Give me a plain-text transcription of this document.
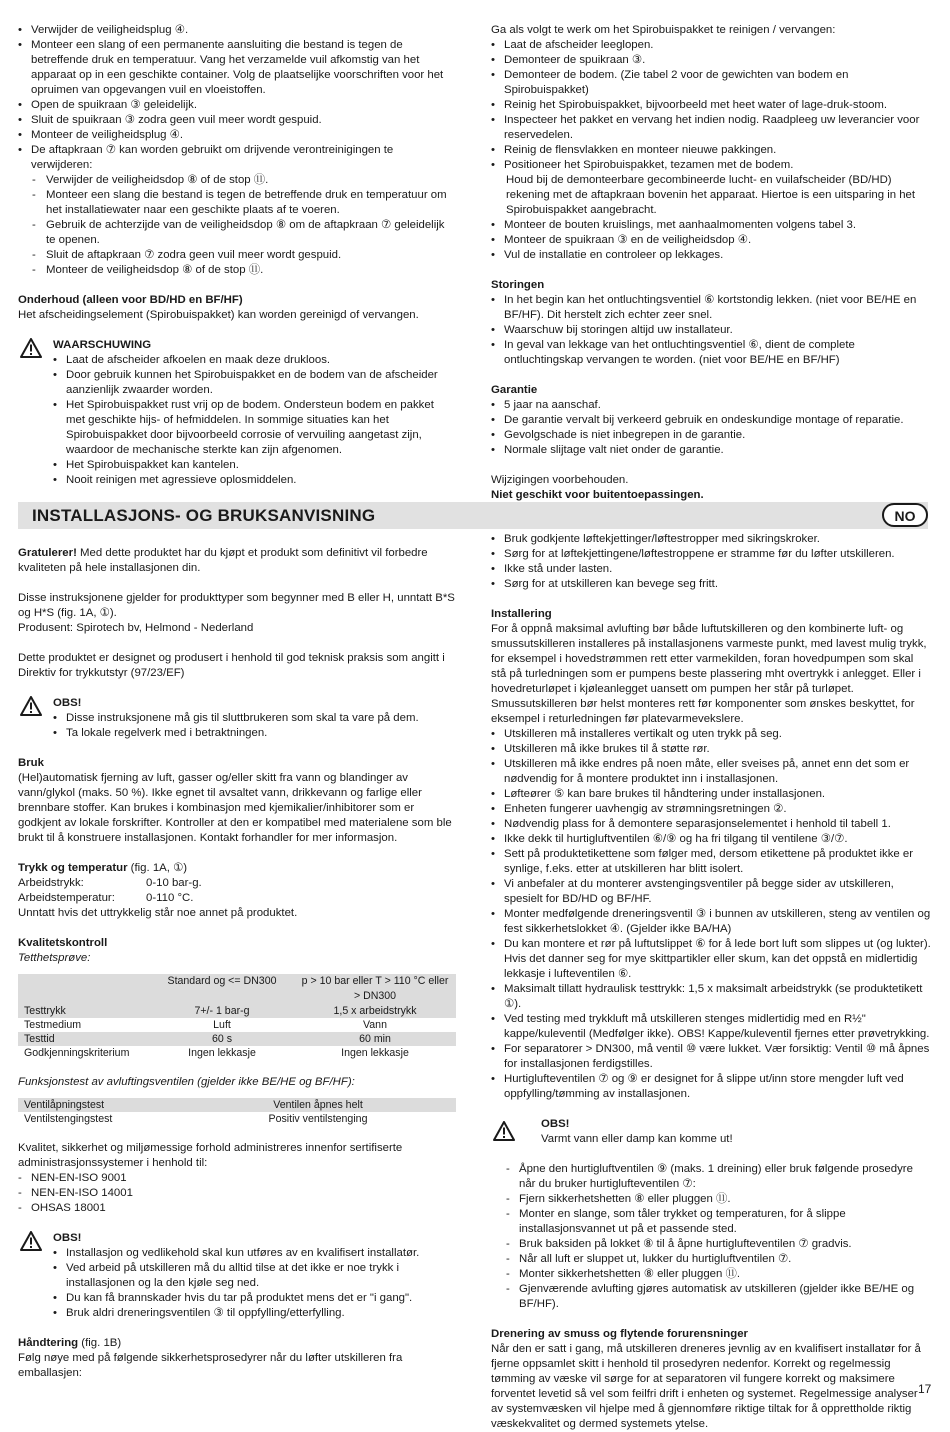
• Verwijder de veiligheidsplug ④.
• Monteer een slang of een permanente aansluiting die bestand is tegen de betreffende druk en temperatuur. Vang het verzamelde vuil afkomstig van het apparaat op in een geschikte container. Volg de plaatselijke voorschriften voor het opruimen van opgevangen vuil en vloeistoffen.
• Open de spuikraan ③ geleidelijk.
• Sluit de spuikraan ③ zodra geen vuil meer wordt gespuid.
• Monteer de veiligheidsplug ④.
• De aftapkraan ⑦ kan worden gebruikt om drijvende verontreinigingen te verwijderen:
- Verwijder de veiligheidsdop ⑧ of de stop ⑪.
- Monteer een slang die bestand is tegen de betreffende druk en temperatuur om het installatiewater naar een geschikte plaats af te voeren.
- Gebruik de achterzijde van de veiligheidsdop ⑧ om de aftapkraan ⑦ geleidelijk te openen.
- Sluit de aftapkraan ⑦ zodra geen vuil meer wordt gespuid.
- Monteer de veiligheidsdop ⑧ of de stop ⑪.

Onderhoud (alleen voor BD/HD en BF/HF)

Het afscheidingselement (Spirobuispakket) kan worden gereinigd of vervangen.

WAARSCHUWING

• Laat de afscheider afkoelen en maak deze drukloos.
• Door gebruik kunnen het Spirobuispakket en de bodem van de afscheider aanzienlijk zwaarder worden.
• Het Spirobuispakket rust vrij op de bodem. Ondersteun bodem en pakket met geschikte hijs- of hefmiddelen. In sommige situaties kan het Spirobuispakket door bijvoorbeeld corrosie of vervuiling aangetast zijn, waardoor de mechanische sterkte kan zijn afgenomen.
• Het Spirobuispakket kan kantelen.
• Nooit reinigen met agressieve oplosmiddelen.

Ga als volgt te werk om het Spirobuispakket te reinigen / vervangen:

• Laat de afscheider leeglopen.
• Demonteer de spuikraan ③.
• Demonteer de bodem. (Zie tabel 2 voor de gewichten van bodem en Spirobuispakket)
• Reinig het Spirobuispakket, bijvoorbeeld met heet water of lage-druk-stoom.
• Inspecteer het pakket en vervang het indien nodig. Raadpleeg uw leverancier voor reservedelen.
• Reinig de flensvlakken en monteer nieuwe pakkingen.
• Positioneer het Spirobuispakket, tezamen met de bodem.

Houd bij de demonteerbare gecombineerde lucht- en vuilafscheider (BD/HD) rekening met de aftapkraan bovenin het apparaat. Hiertoe is een uitsparing in het Spirobuispakket aangebracht.

• Monteer de bouten kruislings, met aanhaalmomenten volgens tabel 3.
• Monteer de spuikraan ③ en de veiligheidsdop ④.
• Vul de installatie en controleer op lekkages.

Storingen

• In het begin kan het ontluchtingsventiel ⑥ kortstondig lekken. (niet voor BE/HE en BF/HF). Dit herstelt zich echter zeer snel.
• Waarschuw bij storingen altijd uw installateur.
• In geval van lekkage van het ontluchtingsventiel ⑥, dient de complete ontluchtingskap vervangen te worden. (niet voor BE/HE en BF/HF)

Garantie

• 5 jaar na aanschaf.
• De garantie vervalt bij verkeerd gebruik en ondeskundige montage of reparatie.
• Gevolgschade is niet inbegrepen in de garantie.
• Normale slijtage valt niet onder de garantie.

Wijzigingen voorbehouden.

Niet geschikt voor buitentoepassingen.

INSTALLASJONS- OG BRUKSANVISNING	NO

Gratulerer! Med dette produktet har du kjøpt et produkt som definitivt vil forbedre kvaliteten på hele installasjonen din.

Disse instruksjonene gjelder for produkttyper som begynner med B eller H, unntatt B*S og H*S (fig. 1A, ①).

Produsent: Spirotech bv, Helmond - Nederland

Dette produktet er designet og produsert i henhold til god teknisk praksis som angitt i Direktiv for trykkutstyr (97/23/EF)

OBS!

• Disse instruksjonene må gis til sluttbrukeren som skal ta vare på dem.
• Ta lokale regelverk med i betraktningen.

Bruk

(Hel)automatisk fjerning av luft, gasser og/eller skitt fra vann og blandinger av vann/glykol (maks. 50 %). Ikke egnet til avsaltet vann, drikkevann og farlige eller brennbare stoffer. Kan brukes i kombinasjon med kjemikalier/inhibitorer som er godkjent av lokale forskrifter. Kontroller at den er kompatibel med materialene som ble brukt til å konstruere installasjonen. Kontakt forhandler for mer informasjon.

Trykk og temperatur (fig. 1A, ①)

Arbeidstrykk:	0-10 bar-g.

Arbeidstemperatur:	0-110 °C.

Unntatt hvis det uttrykkelig står noe annet på produktet.

Kvalitetskontroll

Tetthetsprøve:

	Standard og <= DN300	p > 10 bar eller T > 110 °C eller > DN300
Testtrykk	7+/- 1 bar-g	1,5 x arbeidstrykk
Testmedium	Luft	Vann
Testtid	60 s	60 min
Godkjenningskriterium	Ingen lekkasje	Ingen lekkasje

Funksjonstest av avluftingsventilen (gjelder ikke BE/HE og BF/HF):

Ventilåpningstest	Ventilen åpnes helt
Ventilstengingstest	Positiv ventilstenging

Kvalitet, sikkerhet og miljømessige forhold administreres innenfor sertifiserte administrasjonssystemer i henhold til:

- NEN-EN-ISO 9001
- NEN-EN-ISO 14001
- OHSAS 18001

OBS!

• Installasjon og vedlikehold skal kun utføres av en kvalifisert installatør.
• Ved arbeid på utskilleren må du alltid tilse at det ikke er noe trykk i installasjonen og la den kjøle seg ned.
• Du kan få brannskader hvis du tar på produktet mens det er "i gang".
• Bruk aldri dreneringsventilen ③ til oppfylling/etterfylling.

Håndtering (fig. 1B)

Følg nøye med på følgende sikkerhetsprosedyrer når du løfter utskilleren fra emballasjen:

• Bruk godkjente løftekjettinger/løftestropper med sikringskroker.
• Sørg for at løftekjettingene/løftestroppene er stramme før du løfter utskilleren.
• Ikke stå under lasten.
• Sørg for at utskilleren kan bevege seg fritt.

Installering

For å oppnå maksimal avlufting bør både luftutskilleren og den kombinerte luft- og smussutskilleren installeres på installasjonens varmeste punkt, med lavest mulig trykk, for eksempel i hovedstrømmen rett etter varmekilden, foran hovedpumpen som skal stå på turledningen som er pumpens beste plassering mht overtrykk i anlegget. Eller i hovedreturløpet i kjøleanlegget uansett om pumpen her står på turløpet. Smussutskilleren bør helst monteres rett før komponenter som ønskes beskyttet, for eksempel i returledningen før platevarmevekslere.

• Utskilleren må installeres vertikalt og uten trykk på seg.
• Utskilleren må ikke brukes til å støtte rør.
• Utskilleren må ikke endres på noen måte, eller sveises på, annet enn det som er nødvendig for å montere produktet inn i installasjonen.
• Løfteører ⑤ kan bare brukes til håndtering under installasjonen.
• Enheten fungerer uavhengig av strømningsretningen ②.
• Nødvendig plass for å demontere separasjonselementet i henhold til tabell 1.
• Ikke dekk til hurtigluftventilen ⑥/⑨ og ha fri tilgang til ventilene ③/⑦.
• Sett på produktetikettene som følger med, dersom etikettene på produktet ikke er synlige, f.eks. etter at utskilleren har blitt isolert.
• Vi anbefaler at du monterer avstengingsventiler på begge sider av utskilleren, spesielt for BD/HD og BF/HF.
• Monter medfølgende dreneringsventil ③ i bunnen av utskilleren, steng av ventilen og fest sikkerhetslokket ④. (Gjelder ikke BA/HA)
• Du kan montere et rør på luftutslippet ⑥ for å lede bort luft som slippes ut (og lukter). Hvis det danner seg for mye skittpartikler eller skum, kan det oppstå en midlertidig lekkasje i lufteventilen ⑥.
• Maksimalt tillatt hydraulisk testtrykk: 1,5 x maksimalt arbeidstrykk (se produktetikett ①).
• Ved testing med trykkluft må utskilleren stenges midlertidig med en R½" kappe/kuleventil (Medfølger ikke). OBS! Kappe/kuleventil fjernes etter prøvetrykking.
• For separatorer > DN300, må ventil ⑩ være lukket. Vær forsiktig: Ventil ⑩ må åpnes for installasjonen ferdigstilles.
• Hurtiglufteventilen ⑦ og ⑨ er designet for å slippe ut/inn store mengder luft ved oppfylling/tømming av installasjonen.

OBS!

Varmt vann eller damp kan komme ut!

- Åpne den hurtigluftventilen ⑨ (maks. 1 dreining) eller bruk følgende prosedyre når du bruker hurtiglufteventilen ⑦:
- Fjern sikkerhetshetten ⑧ eller pluggen ⑪.
- Monter en slange, som tåler trykket og temperaturen, for å slippe installasjonsvannet ut på et passende sted.
- Bruk baksiden på lokket ⑧ til å åpne hurtiglufteventilen ⑦ gradvis.
- Når all luft er sluppet ut, lukker du hurtigluftventilen ⑦.
- Monter sikkerhetshetten ⑧ eller pluggen ⑪.
- Gjenværende avlufting gjøres automatisk av utskilleren (gjelder ikke BE/HE og BF/HF).

Drenering av smuss og flytende forurensninger

Når den er satt i gang, må utskilleren dreneres jevnlig av en kvalifisert installatør for å fjerne oppsamlet skitt i henhold til prosedyren nedenfor. Korrekt og regelmessig tømming av væske vil sørge for at separatoren vil fungere korrekt og maksimere forventet levetid så vel som feilfri drift i enheten og systemet. Regelmessige analyser av systemvæsken vil hjelpe med å gjennomføre riktige tiltak for å opprettholde riktig væskekvalitet og dermed systemets ytelse.

17
